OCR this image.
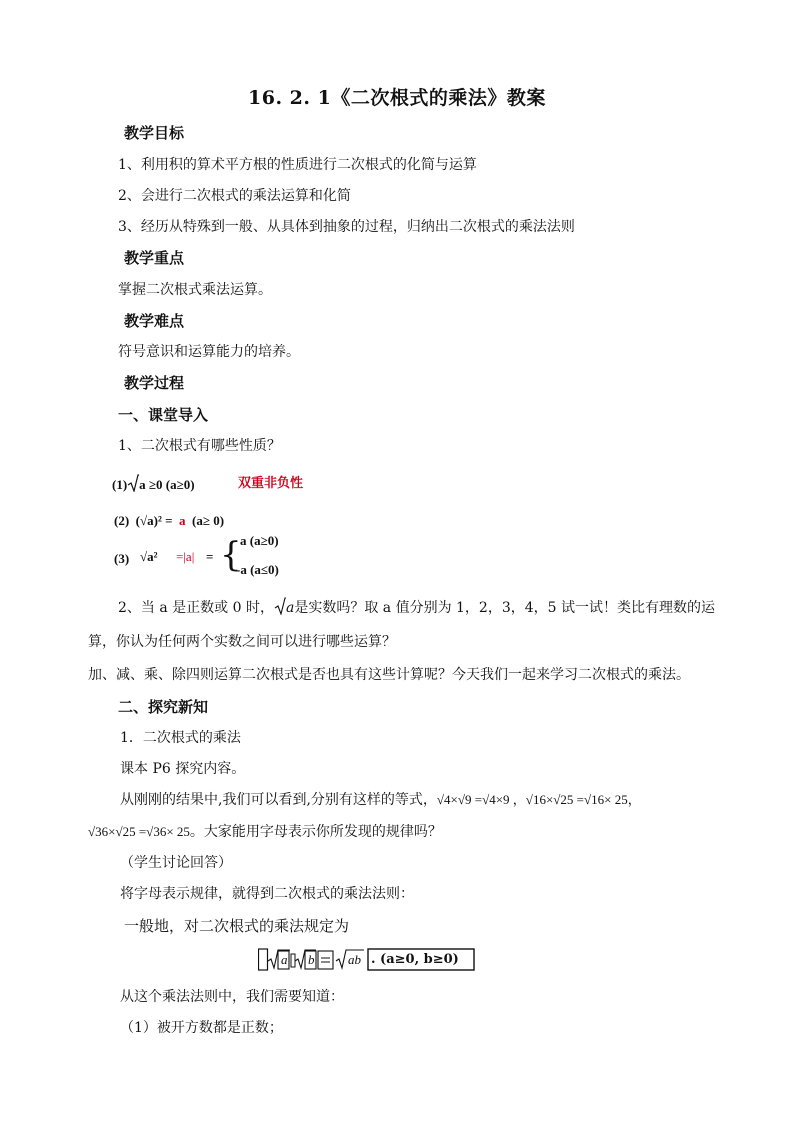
16. 2. 1《二次根式的乘法》教案
教学目标
1、利用积的算术平方根的性质进行二次根式的化简与运算
2、会进行二次根式的乘法运算和化简
3、经历从特殊到一般、从具体到抽象的过程，归纳出二次根式的乘法法则
教学重点
掌握二次根式乘法运算。
教学难点
符号意识和运算能力的培养。
教学过程
一、课堂导入
1、二次根式有哪些性质？
(1) a ≥0 (a≥0)	双重非负性
(2) (√a)² = a (a≥ 0)
(3) √a² =|a| = {
a (a≥0)
-a (a≤0)
2、当 a 是正数或 0 时， a是实数吗？取 a 值分别为 1，2，3，4，5 试一试！类比有理数的运
算，你认为任何两个实数之间可以进行哪些运算？
加、减、乘、除四则运算二次根式是否也具有这些计算呢？今天我们一起来学习二次根式的乘法。
二、探究新知
1．二次根式的乘法
课本 P6 探究内容。
从刚刚的结果中,我们可以看到,分别有这样的等式，√4×√9 =√4×9 ，√16×√25 =√16× 25，
√36×√25 =√36× 25。大家能用字母表示你所发现的规律吗？
（学生讨论回答）
将字母表示规律，就得到二次根式的乘法法则：
一般地，对二次根式的乘法规定为
a b	ab . (a≥0, b≥0)
从这个乘法法则中，我们需要知道：
（1）被开方数都是正数；
